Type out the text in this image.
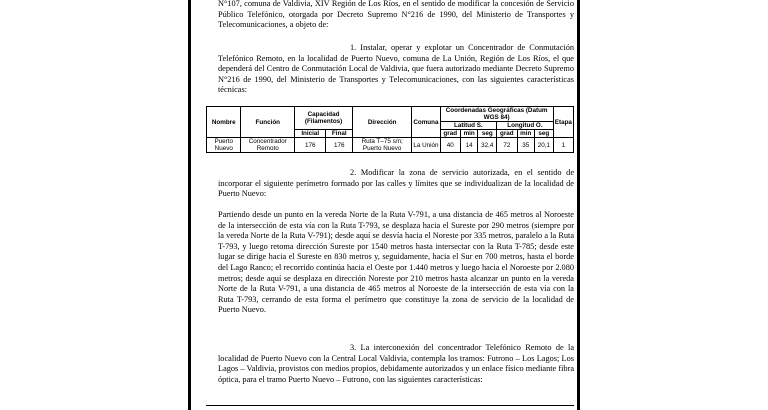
N°107, comuna de Valdivia, XIV Región de Los Ríos, en el sentido de modificar la concesión de Servicio Público Telefónico, otorgada por Decreto Supremo N°216 de 1990, del Ministerio de Transportes y Telecomunicaciones, a objeto de:

1. Instalar, operar y explotar un Concentrador de Conmutación Telefónico Remoto, en la localidad de Puerto Nuevo, comuna de La Unión, Región de Los Ríos, el que dependerá del Centro de Conmutación Local de Valdivia, que fuera autorizado mediante Decreto Supremo N°216 de 1990, del Ministerio de Transportes y Telecomunicaciones, con las siguientes características técnicas:

Nombre	Función	Capacidad (Filamentos)		Dirección	Comuna	Coordenadas Geográficas (Datum WGS 84)						Etapa
						Latitud S.			Longitud O.			
		Inicial	Final			grad	min	seg	grad	min	seg	
Puerto Nuevo	Concentrador Remoto	176	176	Ruta T–75 s/n; Puerto Nuevo	La Unión	40	14	32,4	72	35	20,1	1

2. Modificar la zona de servicio autorizada, en el sentido de incorporar el siguiente perímetro formado por las calles y límites que se individualizan de la localidad de Puerto Nuevo:

Partiendo desde un punto en la vereda Norte de la Ruta V-791, a una distancia de 465 metros al Noroeste de la intersección de esta vía con la Ruta T-793, se desplaza hacia el Sureste por 290 metros (siempre por la vereda Norte de la Ruta V-791); desde aquí se desvía hacia el Noreste por 335 metros, paralelo a la Ruta T-793, y luego retoma dirección Sureste por 1540 metros hasta intersectar con la Ruta T-785; desde este lugar se dirige hacia el Sureste en 830 metros y, seguidamente, hacia el Sur en 700 metros, hasta el borde del Lago Ranco; el recorrido continúa hacia el Oeste por 1.440 metros y luego hacia el Noroeste por 2.080 metros; desde aquí se desplaza en dirección Noreste por 210 metros hasta alcanzar un punto en la vereda Norte de la Ruta V-791, a una distancia de 465 metros al Noroeste de la intersección de esta vía con la Ruta T-793, cerrando de esta forma el perímetro que constituye la zona de servicio de la localidad de Puerto Nuevo.

3. La interconexión del concentrador Telefónico Remoto de la localidad de Puerto Nuevo con la Central Local Valdivia, contempla los tramos: Futrono – Los Lagos; Los Lagos – Valdivia, provistos con medios propios, debidamente autorizados y un enlace físico mediante fibra óptica, para el tramo Puerto Nuevo – Futrono, con las siguientes características:
